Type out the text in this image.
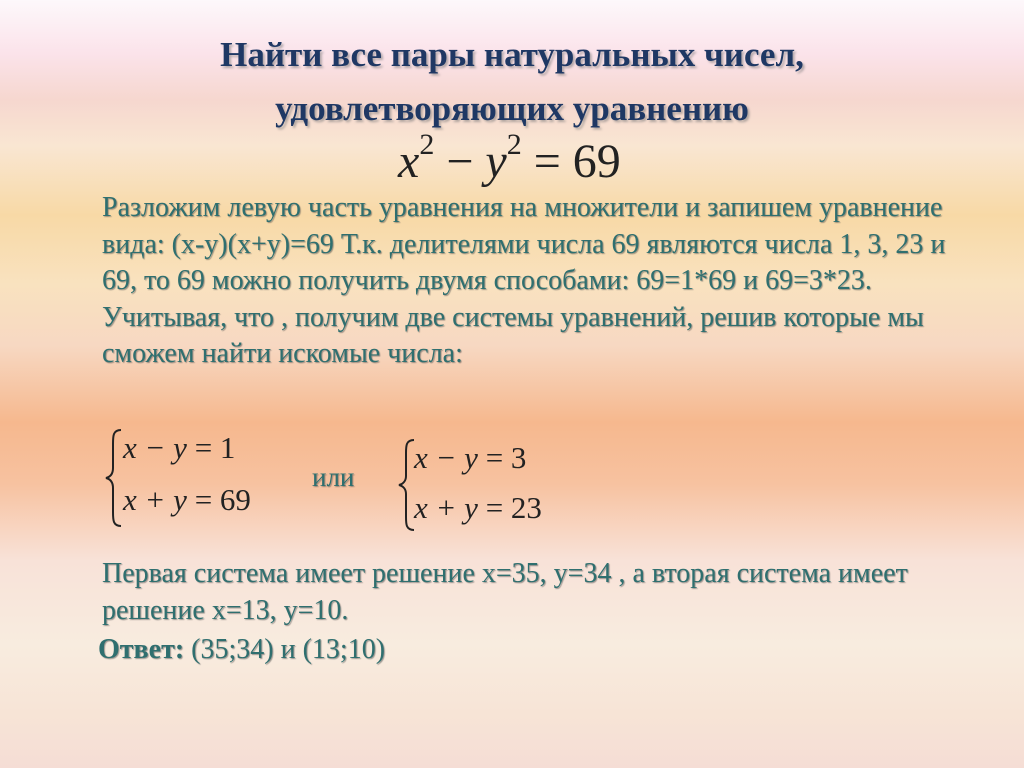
Найти все пары натуральных чисел,
удовлетворяющих уравнению
$x^2 - y^2 = 69$
Разложим левую часть уравнения на множители и запишем уравнение вида: (х-у)(х+у)=69 Т.к. делителями числа 69 являются числа 1, 3, 23 и 69, то 69 можно получить двумя способами: 69=1*69 и 69=3*23. Учитывая, что , получим две системы уравнений, решив которые мы сможем найти искомые числа:
x − y = 1
x + y = 69
или
x − y = 3
x + y = 23
Первая система имеет решение х=35, у=34 , а вторая система имеет решение х=13, у=10.
Ответ: (35;34) и (13;10)
